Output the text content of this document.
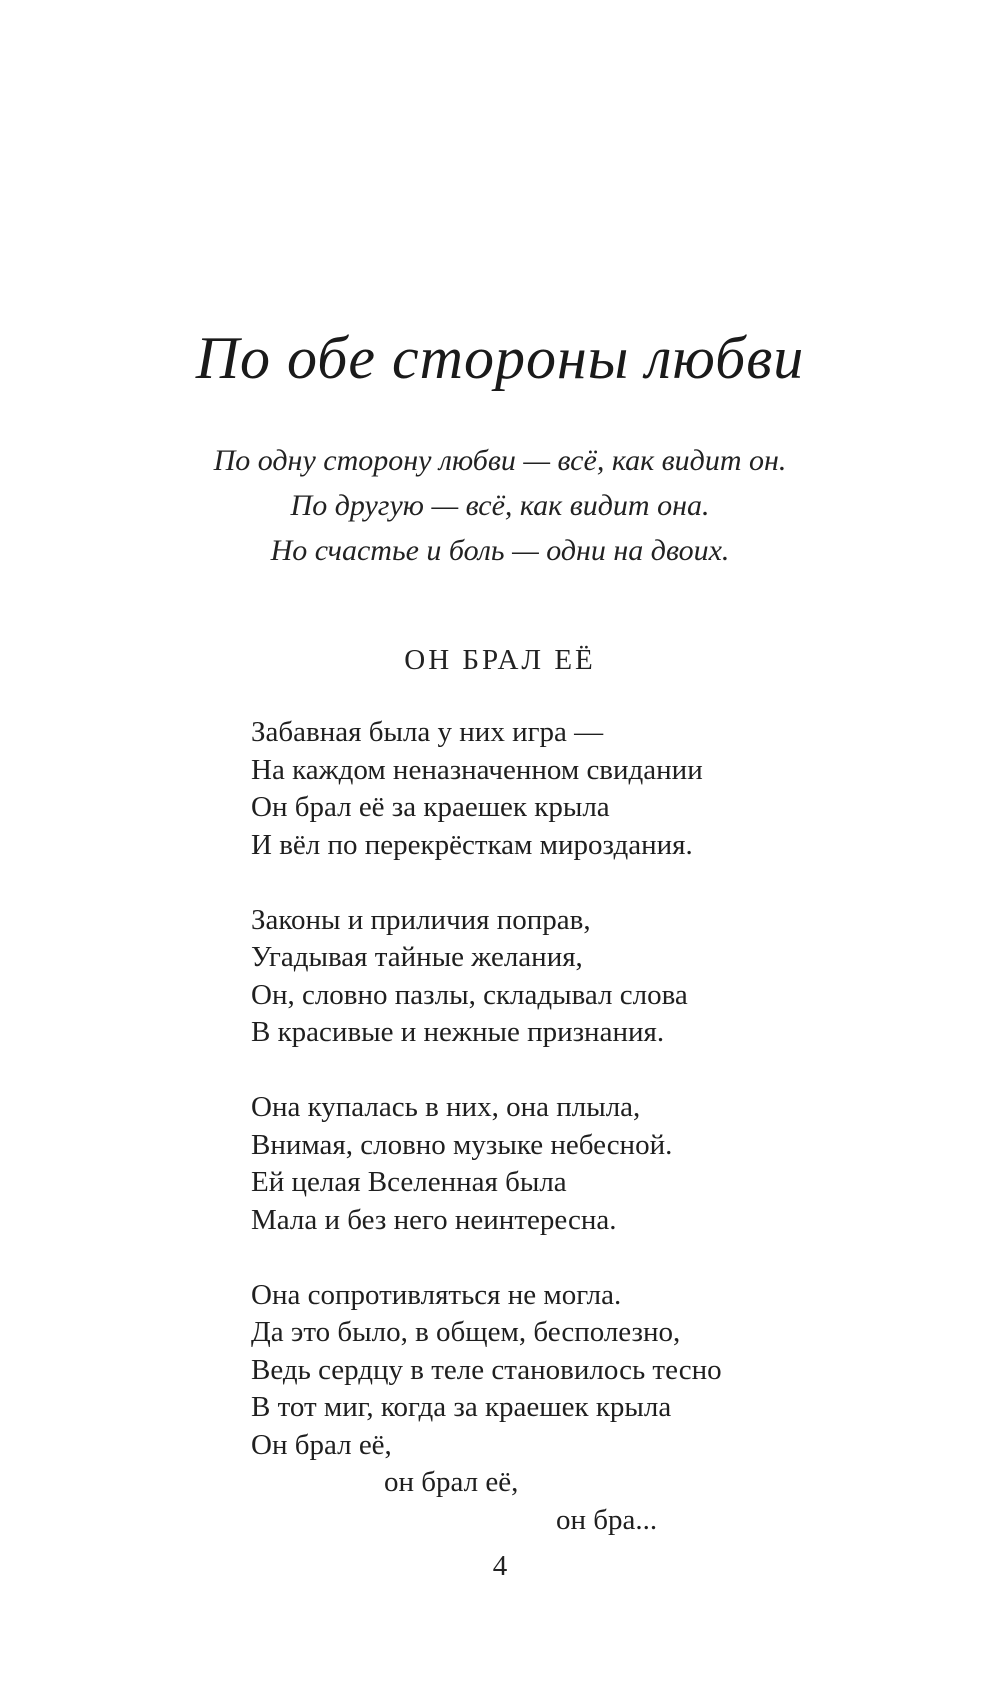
По обе стороны любви
По одну сторону любви — всё, как видит он.
По другую — всё, как видит она.
Но счастье и боль — одни на двоих.
ОН БРАЛ ЕЁ
Забавная была у них игра —
На каждом неназначенном свидании
Он брал её за краешек крыла
И вёл по перекрёсткам мироздания.
Законы и приличия поправ,
Угадывая тайные желания,
Он, словно пазлы, складывал слова
В красивые и нежные признания.
Она купалась в них, она плыла,
Внимая, словно музыке небесной.
Ей целая Вселенная была
Мала и без него неинтересна.
Она сопротивляться не могла.
Да это было, в общем, бесполезно,
Ведь сердцу в теле становилось тесно
В тот миг, когда за краешек крыла
Он брал её,
он брал её,
он бра...
4
